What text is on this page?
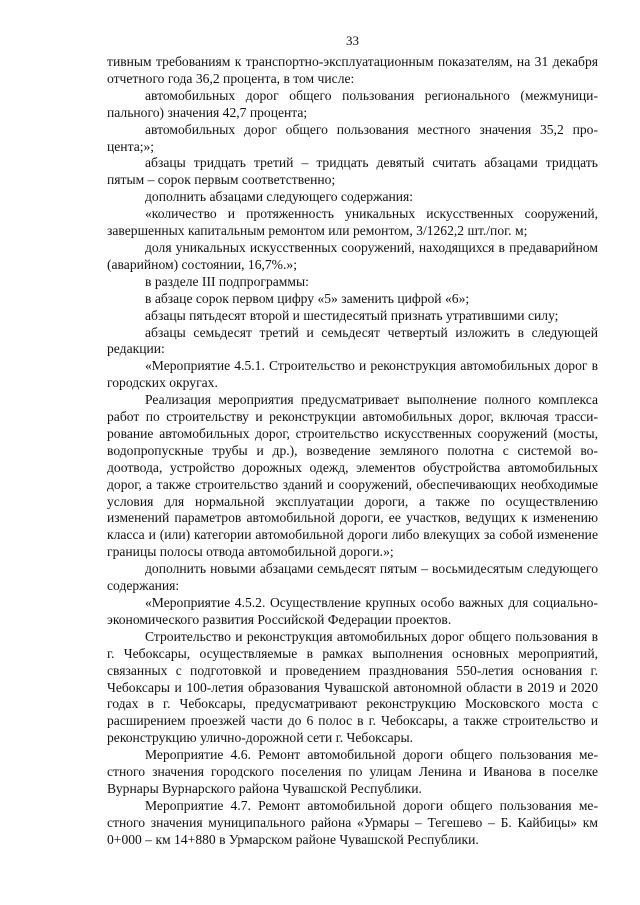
33

тивным требованиям к транспортно-эксплуатационным показателям, на 31 декабря отчетного года 36,2 процента, в том числе:

автомобильных дорог общего пользования регионального (межмуниципального) значения 42,7 процента;

автомобильных дорог общего пользования местного значения 35,2 процента;»;

абзацы тридцать третий – тридцать девятый считать абзацами тридцать пятым – сорок первым соответственно;

дополнить абзацами следующего содержания:

«количество и протяженность уникальных искусственных сооружений, завершенных капитальным ремонтом или ремонтом, 3/1262,2 шт./пог. м;

доля уникальных искусственных сооружений, находящихся в предаварийном (аварийном) состоянии, 16,7%.»;

в разделе III подпрограммы:

в абзаце сорок первом цифру «5» заменить цифрой «6»;

абзацы пятьдесят второй и шестидесятый признать утратившими силу;

абзацы семьдесят третий и семьдесят четвертый изложить в следующей редакции:

«Мероприятие 4.5.1. Строительство и реконструкция автомобильных дорог в городских округах.

Реализация мероприятия предусматривает выполнение полного комплекса работ по строительству и реконструкции автомобильных дорог, включая трассирование автомобильных дорог, строительство искусственных сооружений (мосты, водопропускные трубы и др.), возведение земляного полотна с системой водоотвода, устройство дорожных одежд, элементов обустройства автомобильных дорог, а также строительство зданий и сооружений, обеспечивающих необходимые условия для нормальной эксплуатации дороги, а также по осуществлению изменений параметров автомобильной дороги, ее участков, ведущих к изменению класса и (или) категории автомобильной дороги либо влекущих за собой изменение границы полосы отвода автомобильной дороги.»;

дополнить новыми абзацами семьдесят пятым – восьмидесятым следующего содержания:

«Мероприятие 4.5.2. Осуществление крупных особо важных для социально-экономического развития Российской Федерации проектов.

Строительство и реконструкция автомобильных дорог общего пользования в г. Чебоксары, осуществляемые в рамках выполнения основных мероприятий, связанных с подготовкой и проведением празднования 550-летия основания г. Чебоксары и 100-летия образования Чувашской автономной области в 2019 и 2020 годах в г. Чебоксары, предусматривают реконструкцию Московского моста с расширением проезжей части до 6 полос в г. Чебоксары, а также строительство и реконструкцию улично-дорожной сети г. Чебоксары.

Мероприятие 4.6. Ремонт автомобильной дороги общего пользования местного значения городского поселения по улицам Ленина и Иванова в поселке Вурнары Вурнарского района Чувашской Республики.

Мероприятие 4.7. Ремонт автомобильной дороги общего пользования местного значения муниципального района «Урмары – Тегешево – Б. Кайбицы» км 0+000 – км 14+880 в Урмарском районе Чувашской Республики.
